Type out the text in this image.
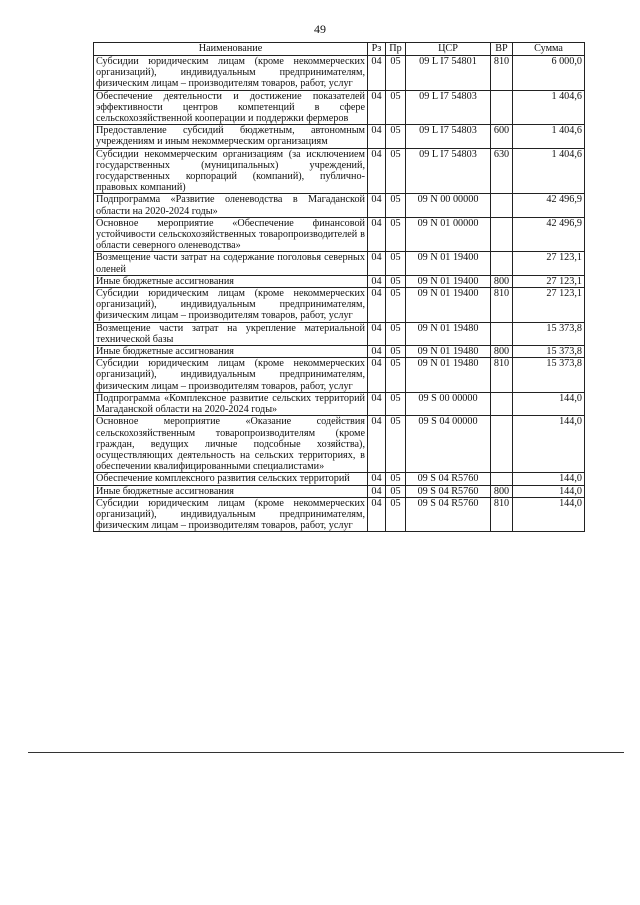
49
Наименование	Рз	Пр	ЦСР	ВР	Сумма
Субсидии юридическим лицам (кроме некоммерческих организаций), индивидуальным предпринимателям, физическим лицам – производителям товаров, работ, услуг	04	05	09 L I7 54801	810	6 000,0
Обеспечение деятельности и достижение показателей эффективности центров компетенций в сфере сельскохозяйственной кооперации и поддержки фермеров	04	05	09 L I7 54803		1 404,6
Предоставление субсидий бюджетным, автономным учреждениям и иным некоммерческим организациям	04	05	09 L I7 54803	600	1 404,6
Субсидии некоммерческим организациям (за исключением государственных (муниципальных) учреждений, государственных корпораций (компаний), публично-правовых компаний)	04	05	09 L I7 54803	630	1 404,6
Подпрограмма «Развитие оленеводства в Магаданской области на 2020-2024 годы»	04	05	09 N 00 00000		42 496,9
Основное мероприятие «Обеспечение финансовой устойчивости сельскохозяйственных товаропроизводителей в области северного оленеводства»	04	05	09 N 01 00000		42 496,9
Возмещение части затрат на содержание поголовья северных оленей	04	05	09 N 01 19400		27 123,1
Иные бюджетные ассигнования	04	05	09 N 01 19400	800	27 123,1
Субсидии юридическим лицам (кроме некоммерческих организаций), индивидуальным предпринимателям, физическим лицам – производителям товаров, работ, услуг	04	05	09 N 01 19400	810	27 123,1
Возмещение части затрат на укрепление материальной технической базы	04	05	09 N 01 19480		15 373,8
Иные бюджетные ассигнования	04	05	09 N 01 19480	800	15 373,8
Субсидии юридическим лицам (кроме некоммерческих организаций), индивидуальным предпринимателям, физическим лицам – производителям товаров, работ, услуг	04	05	09 N 01 19480	810	15 373,8
Подпрограмма «Комплексное развитие сельских территорий Магаданской области на 2020-2024 годы»	04	05	09 S 00 00000		144,0
Основное мероприятие «Оказание содействия сельскохозяйственным товаропроизводителям (кроме граждан, ведущих личные подсобные хозяйства), осуществляющих деятельность на сельских территориях, в обеспечении квалифицированными специалистами»	04	05	09 S 04 00000		144,0
Обеспечение комплексного развития сельских территорий	04	05	09 S 04 R5760		144,0
Иные бюджетные ассигнования	04	05	09 S 04 R5760	800	144,0
Субсидии юридическим лицам (кроме некоммерческих организаций), индивидуальным предпринимателям, физическим лицам – производителям товаров, работ, услуг	04	05	09 S 04 R5760	810	144,0
